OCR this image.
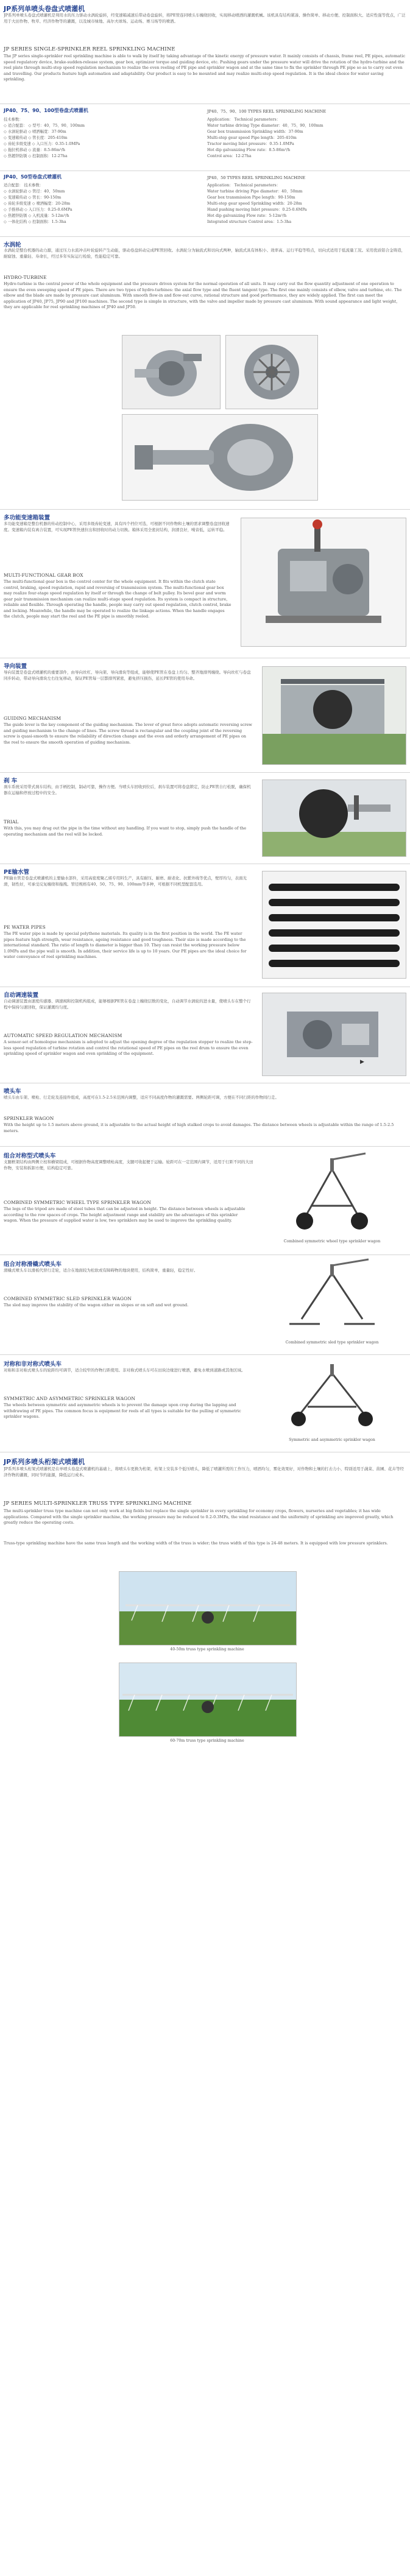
JP系列单喷头卷盘式喷灌机
JP系列单喷头卷盘式喷灌机是利用水的压力驱动水涡轮旋转，经变速箱减速后带动卷盘旋转，将PE管连同喷头车缠绕回收，实现移动喷洒的灌溉机械。该机具有结构紧凑、操作简单、移动方便、控制面积大、适应性强等优点，广泛用于大田作物、牧草、经济作物等的灌溉，以及城市绿地、高尔夫球场、运动场、赛马场等的喷洒。
JP SERIES SINGLE-SPRINKLER REEL SPRINKLING MACHINE
The JP series single-sprinkler reel sprinkling machine is able to walk by itself by taking advantage of the kinetic energy of pressure water. It mainly consists of chassis, frame reel, PE pipes, automatic speed regulatory device, brake-sudden-release system, gear box, optimizer torque and guiding device, etc. Pushing gears under the pressure water will drive the rotation of the hydro-turbine and the reel plate through multi-step speed regulation mechanism to realize the even reeling of PE pipe and sprinkler wagon and at the same time to fix the sprinkler through PE pipe so as to carry out even and travelling. Our products feature high automation and adaptability. Our product is easy to be mounted and may realize multi-step speed regulation. It is the ideal choice for water saving sprinkling.
JP40、75、90、100型卷盘式喷灌机	JP40、75、90、100 TYPES REEL SPRINKLING MACHINE
技术参数：
◇ 适合配套： ◇ 型号：40、75、90、100mm
◇ 水涡轮驱动 ◇ 喷洒幅宽：37-90m
◇ 变速箱传动 ◇ 管长度：205-410m
◇ 齿轮多级变速 ◇ 入口压力：0.35-1.0MPa
◇ 拖拉机移动 ◇ 流量：8.5-86m³/h
◇ 热镀锌防锈 ◇ 控制面积：12-27ha
Application： Technical parameters：
Water turbine driving Type diameter：40、75、90、100mm
Gear box transmission Sprinkling width：37-90m
Multi-step gear speed Pipe length：205-410m
Tractor moving Inlet pressure：0.35-1.0MPa
Hot dip galvanizing Flow rate：8.5-86m³/h
Control area：12-27ha
JP40、50型卷盘式喷灌机	JP40、50 TYPES REEL SPRINKLING MACHINE
适合配套： 技术参数：
◇ 水涡轮驱动 ◇ 管径：40、50mm
◇ 变速箱传动 ◇ 管长：90-150m
◇ 齿轮多级变速 ◇ 喷洒幅宽：20-28m
◇ 手推移动 ◇ 入口压力：0.25-0.6MPa
◇ 热镀锌防锈 ◇ 入机流量：5-12m³/h
◇ 一体化结构 ◇ 控制面积：1.5-3ha
Application： Technical parameters：
Water turbine driving Pipe diameter：40、50mm
Gear box transmission Pipe length：90-150m
Multi-step gear speed Sprinkling width：20-28m
Hand pushing moving Inlet pressure：0.25-0.6MPa
Hot dip galvanizing Flow rate：5-12m³/h
Integrated structure Control area：1.5-3ha
水涡轮
水涡轮是整台机器的动力源，通过压力水流冲击叶轮旋转产生动能，驱动卷盘转动完成PE管回收。水涡轮分为轴流式和切向式两种，轴流式具有体积小、效率高、运行平稳等特点，切向式适用于低流量工况。采用优质铝合金铸造，耐腐蚀、重量轻、寿命长，经过多年实际运行检验，性能稳定可靠。
HYDRO-TURBINE
Hydro-turbine is the central power of the whole equipment and the pressure driven system for the normal operation of all units. It may carry out the flow quantity adjustment of one operation to ensure the even sweeping speed of PE pipes. There are two types of hydro-turbines: the axial flow type and the fluent tangent type. The first one mainly consists of elbow, valve and turbine, etc. The elbow and the blade are made by pressure cast aluminum. With smooth flow-in and flow-out curve, rational structure and good performance, they are widely applied. The first can meet the application of JP40, JP75, JP90 and JP100 machines. The second type is simple in structure, with the valve and impeller made by pressure cast aluminum. With sound appearance and light weight, they are applicable for reel sprinkling machines of JP40 and JP50.
多功能变速箱装置
多功能变速箱是整台机器的传动控制中心，采用多级齿轮变速，具有四个档位可选，可根据不同作物和土壤的需求调整卷盘回收速度。变速箱内装有离合装置，可实现PE管快速拉出和回收时的动力切换。箱体采用全密封结构，润滑良好，噪音低，运转平稳。
MULTI-FUNCTIONAL GEAR BOX
The multi-functional gear box is the control center for the whole equipment. It fits within the clutch state control, braking, speed regulation, rapid and reversing of transmission system. The multi-functional gear box may realize four-stage speed regulation by itself or through the change of belt pulley. Its bevel gear and worm gear pair transmission mechanism can realize multi-stage speed regulation. Its system is compact in structure, reliable and flexible. Through operating the handle, people may carry out speed regulation, clutch control, brake and locking. Meanwhile, the handle may be operated to realize the linkage actions. When the handle engages the clutch, people may start the reel and the PE pipe is smoothly reeled.
导向装置
导向装置是卷盘式喷灌机的重要部件，由导向丝杠、导向架、导向滑块等组成，能够使PE管在卷盘上均匀、整齐地排列缠绕。导向丝杠与卷盘同步转动，带动导向滑块左右往复移动，保证PE管每一层都排列紧密，避免挤压损伤，延长PE管的使用寿命。
GUIDING MECHANISM
The guide lever is the key component of the guiding mechanism. The lever of great force adopts automatic reversing screw and guiding mechanism to the change of lines. The screw thread is rectangular and the coupling joint of the reversing screw is quasi-smooth to ensure the reliability of direction change and the even and orderly arrangement of PE pipes on the reel to ensure the smooth operation of guiding mechanism.
刹 车
刹车系统采用带式刹车结构，由手柄控制，制动可靠，操作方便。当喷头车回收到位后，刹车装置可将卷盘锁定，防止PE管自行松脱，确保机器在运输和停放过程中的安全。
TRIAL
With this, you may drag out the pipe in the time without any handling. If you want to stop, simply push the handle of the operating mechanism and the reel will be locked.
PE输水管
PE输水管是卷盘式喷灌机的主要输水部件，采用高密度聚乙烯专用料生产，具有耐压、耐磨、耐老化、抗紫外线等优点，壁厚均匀，表面光滑，韧性好，可承受反复缠绕和拖拽。管径规格有40、50、75、90、100mm等多种，可根据不同机型配套选用。
PE WATER PIPES
The PE water pipe is made by special polythene materials. Its quality is in the first position in the world. The PE water pipes feature high strength, wear resistance, ageing resistance and good toughness. Their size is made according to the international standard. The ratio of length to diameter is bigger than 10. They can resist the working pressure below 1.0MPa and the pipe wall is smooth. In addition, their service life is up to 10 years. Our PE pipes are the ideal choice for water conveyance of reel sprinkling machines.
自动调速装置
自动调速装置由速度传感器、调速阀和控制机构组成，能够根据PE管在卷盘上缠绕层数的变化，自动调节水涡轮的进水量，使喷头车在整个行程中保持匀速回收，保证灌溉均匀度。
AUTOMATIC SPEED REGULATION MECHANISM
A sensor-set of homologue mechanism is adopted to adjust the opening degree of the regulation stopper to realize the step-less speed regulation of turbine rotation and control the rotational speed of PE pipes on the reel drum to ensure the even sprinkling speed of sprinkler wagon and even sprinkling of the equipment.
▶
喷头车
喷头车由车架、喷枪、行走轮及连接件组成，高度可在1.5-2.5米范围内调整，适应不同高度作物的灌溉需要。两侧轮距可调，方便在不同行距的作物间行走。
SPRINKLER WAGON
With the height up to 1.5 meters above ground, it is adjustable to the actual height of high stalked crops to avoid damages. The distance between wheels is adjustable within the range of 1.5-2.5 meters.
组合对称型式喷头车
支腿框架结构由两侧立柱和横梁组成，可根据作物高度调整喷枪高度，支腿可收起便于运输。轮距可在一定范围内调节，适用于行距不同的大田作物，安装和拆卸方便，结构稳定可靠。
COMBINED SYMMETRIC WHEEL TYPE SPRINKLER WAGON
The legs of the tripod are made of steel tubes that can be adjusted in height. The distance between wheels is adjustable according to the row spaces of crops. The height adjustment range and stability are the advantages of this sprinkler wagon. When the pressure of supplied water is low, two sprinklers may be used to improve the sprinkling quality.
Combined symmetric wheel type sprinkler wagon
组合对称滑橇式喷头车
滑橇式喷头车以滑板代替行走轮，适合在地面较为松软或有障碍物的地块使用，结构简单，重量轻，稳定性好。
COMBINED SYMMETRIC SLED SPRINKLER WAGON
The sled may improve the stability of the wagon either on slopes or on soft and wet ground.
Combined symmetric sled type sprinkler wagon
对称和非对称式喷头车
对称和非对称式喷头车的轮距均可调节，适合较窄的作物行距使用。非对称式喷头车可在田块边缘进行喷洒，避免水喷到道路或其他区域。
SYMMETRIC AND ASYMMETRIC SPRINKLER WAGON
The wheels between symmetric and asymmetric wheels is to prevent the damage upon crop during the lapping and withdrawing of PE pipes. The common focus is equipment for reels of all types is suitable for the pulling of symmetric sprinkler wagons.
Symmetric and asymmetric sprinkler wagon
JP系列多喷头桁架式喷灌机
JP系列多喷头桁架式喷灌机是在单喷头卷盘式喷灌机的基础上，将喷头车更换为桁架，桁架上安装多个低压喷头，降低了喷灌所需的工作压力，喷洒均匀，雾化效果好，对作物和土壤的打击力小，特别适用于蔬菜、苗圃、花卉等经济作物的灌溉，同时节约能源，降低运行成本。
JP SERIES MULTI-SPRINKLER TRUSS TYPE SPRINKLING MACHINE
The multi-sprinkler truss type machine can not only work at big fields but replace the single sprinkler in every sprinkling for economy crops, flowers, nurseries and vegetables; it has wide applications. Compared with the single sprinkler machine, the working pressure may be reduced to 0.2-0.3MPa, the wind resistance and the uniformity of sprinkling are improved greatly, which greatly reduce the operating costs.
Truss-type sprinkling machine have the same truss length and the working width of the truss is wider; the truss width of this type is 24-48 meters. It is equipped with low pressure sprinklers.
40-50m truss type sprinkling machine
60-70m truss type sprinkling machine
